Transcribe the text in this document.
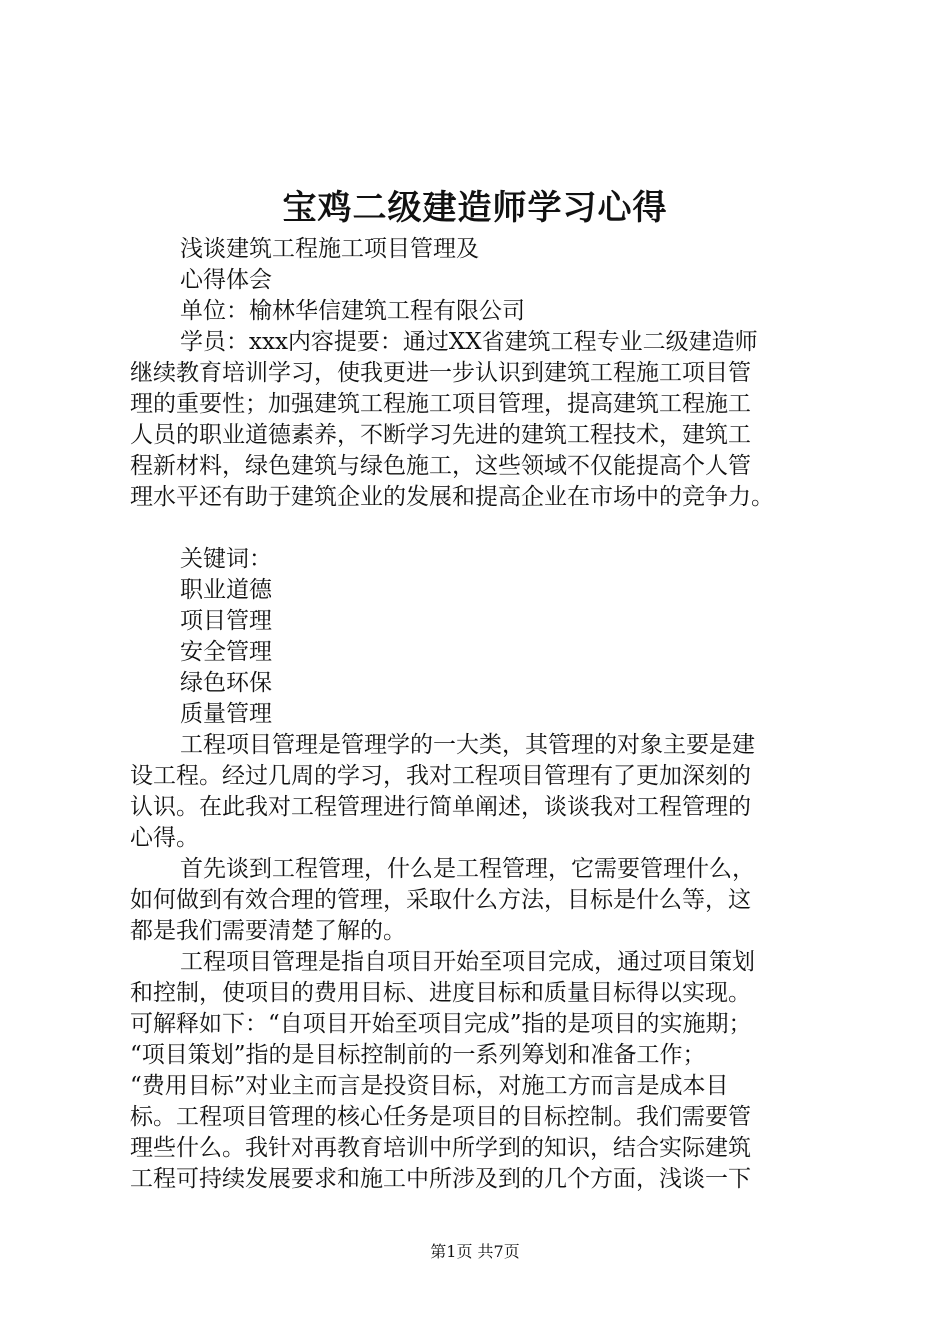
宝鸡二级建造师学习心得
浅谈建筑工程施工项目管理及
心得体会
单位：榆林华信建筑工程有限公司
学员：xxx内容提要：通过XX省建筑工程专业二级建造师
继续教育培训学习，使我更进一步认识到建筑工程施工项目管
理的重要性；加强建筑工程施工项目管理，提高建筑工程施工
人员的职业道德素养，不断学习先进的建筑工程技术，建筑工
程新材料，绿色建筑与绿色施工，这些领域不仅能提高个人管
理水平还有助于建筑企业的发展和提高企业在市场中的竞争力。
关键词：
职业道德
项目管理
安全管理
绿色环保
质量管理
工程项目管理是管理学的一大类，其管理的对象主要是建
设工程。经过几周的学习，我对工程项目管理有了更加深刻的
认识。在此我对工程管理进行简单阐述，谈谈我对工程管理的
心得。
首先谈到工程管理，什么是工程管理，它需要管理什么，
如何做到有效合理的管理，采取什么方法，目标是什么等，这
都是我们需要清楚了解的。
工程项目管理是指自项目开始至项目完成，通过项目策划
和控制，使项目的费用目标、进度目标和质量目标得以实现。
可解释如下：“自项目开始至项目完成”指的是项目的实施期；
“项目策划”指的是目标控制前的一系列筹划和准备工作；
“费用目标”对业主而言是投资目标，对施工方而言是成本目
标。工程项目管理的核心任务是项目的目标控制。我们需要管
理些什么。我针对再教育培训中所学到的知识，结合实际建筑
工程可持续发展要求和施工中所涉及到的几个方面，浅谈一下
第1页 共7页
